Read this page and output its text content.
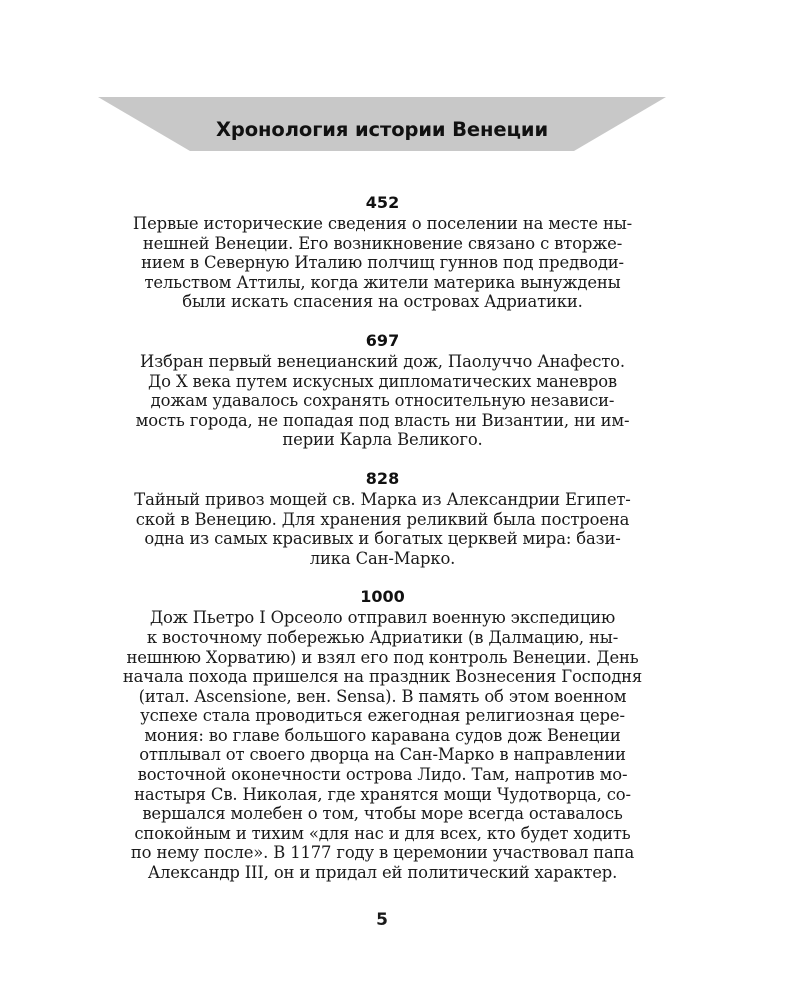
Хронология истории Венеции
452
Первые исторические сведения о поселении на месте ны-
нешней Венеции. Его возникновение связано с вторже-
нием в Северную Италию полчищ гуннов под предводи-
тельством Аттилы, когда жители материка вынуждены
были искать спасения на островах Адриатики.
697
Избран первый венецианский дож, Паолуччо Анафесто.
До X века путем искусных дипломатических маневров
дожам удавалось сохранять относительную независи-
мость города, не попадая под власть ни Византии, ни им-
перии Карла Великого.
828
Тайный привоз мощей св. Марка из Александрии Египет-
ской в Венецию. Для хранения реликвий была построена
одна из самых красивых и богатых церквей мира: бази-
лика Сан-Марко.
1000
Дож Пьетро I Орсеоло отправил военную экспедицию
к восточному побережью Адриатики (в Далмацию, ны-
нешнюю Хорватию) и взял его под контроль Венеции. День
начала похода пришелся на праздник Вознесения Господня
(итал. Ascensione, вен. Sensa). В память об этом военном
успехе стала проводиться ежегодная религиозная цере-
мония: во главе большого каравана судов дож Венеции
отплывал от своего дворца на Сан-Марко в направлении
восточной оконечности острова Лидо. Там, напротив мо-
настыря Св. Николая, где хранятся мощи Чудотворца, со-
вершался молебен о том, чтобы море всегда оставалось
спокойным и тихим «для нас и для всех, кто будет ходить
по нему после». В 1177 году в церемонии участвовал папа
Александр III, он и придал ей политический характер.
5
